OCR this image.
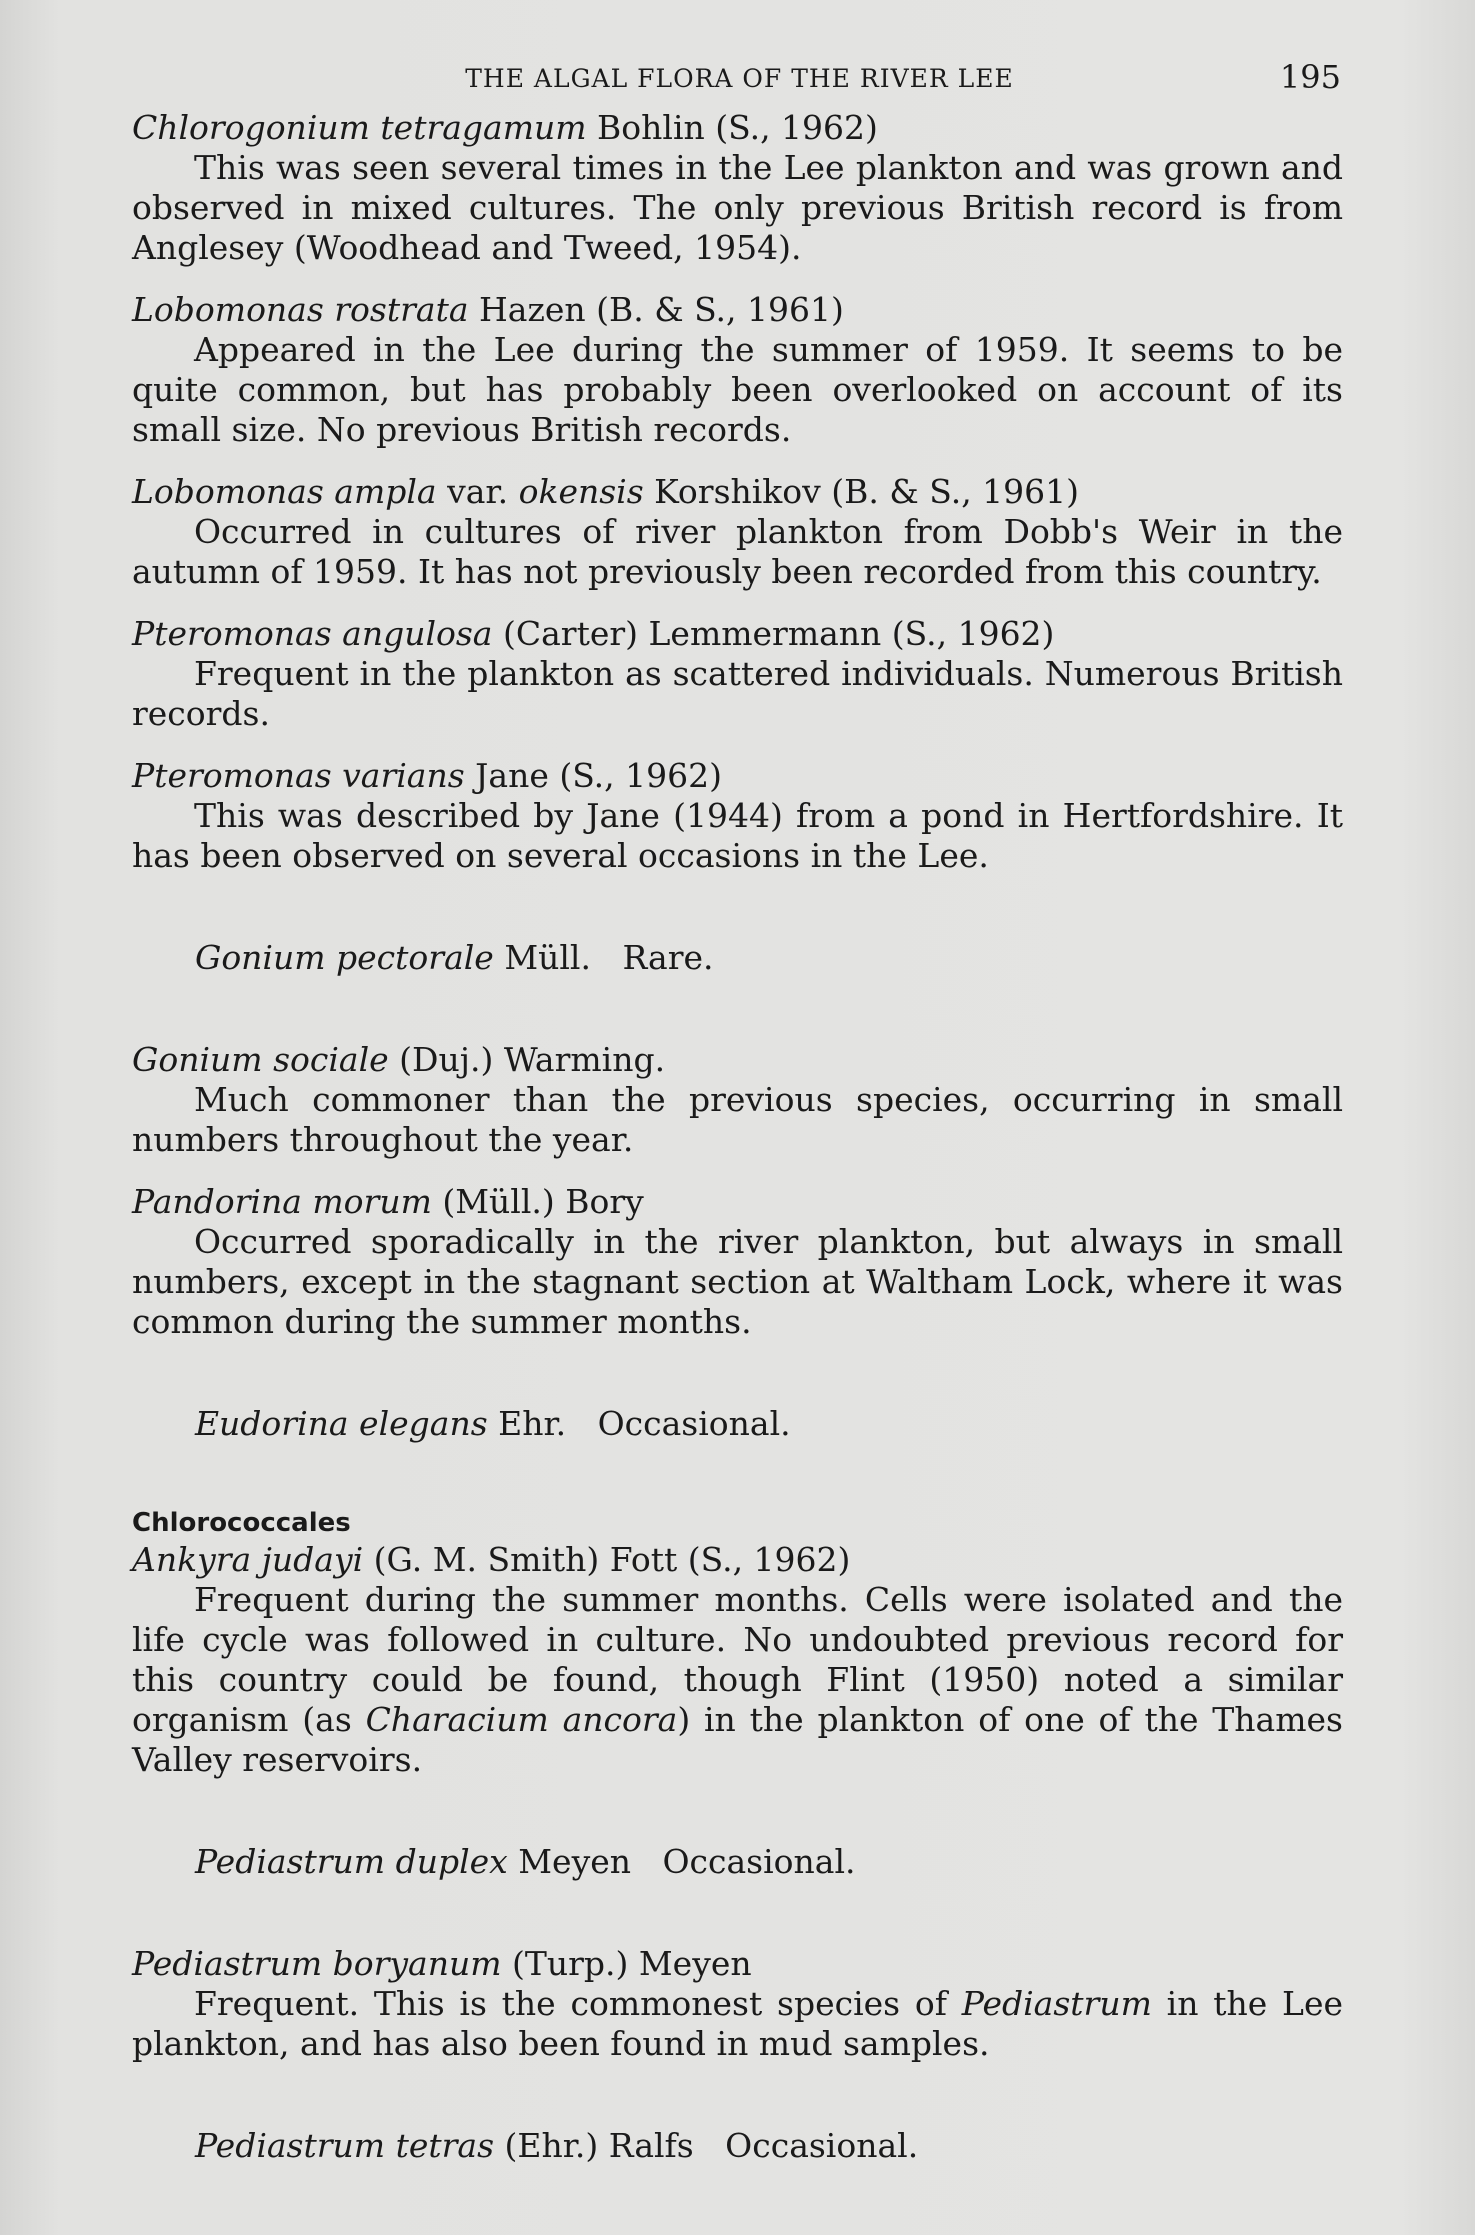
THE ALGAL FLORA OF THE RIVER LEE	195
Chlorogonium tetragamum Bohlin (S., 1962)

This was seen several times in the Lee plankton and was grown and observed in mixed cultures. The only previous British record is from Anglesey (Woodhead and Tweed, 1954).

Lobomonas rostrata Hazen (B. & S., 1961)

Appeared in the Lee during the summer of 1959. It seems to be quite common, but has probably been overlooked on account of its small size. No previous British records.

Lobomonas ampla var. okensis Korshikov (B. & S., 1961)

Occurred in cultures of river plankton from Dobb's Weir in the autumn of 1959. It has not previously been recorded from this country.

Pteromonas angulosa (Carter) Lemmermann (S., 1962)

Frequent in the plankton as scattered individuals. Numerous British records.

Pteromonas varians Jane (S., 1962)

This was described by Jane (1944) from a pond in Hertfordshire. It has been observed on several occasions in the Lee.

Gonium pectorale Müll.   Rare.

Gonium sociale (Duj.) Warming.

Much commoner than the previous species, occurring in small numbers throughout the year.

Pandorina morum (Müll.) Bory

Occurred sporadically in the river plankton, but always in small numbers, except in the stagnant section at Waltham Lock, where it was common during the summer months.

Eudorina elegans Ehr.   Occasional.

Chlorococcales
Ankyra judayi (G. M. Smith) Fott (S., 1962)

Frequent during the summer months. Cells were isolated and the life cycle was followed in culture. No undoubted previous record for this country could be found, though Flint (1950) noted a similar organism (as Characium ancora) in the plankton of one of the Thames Valley reservoirs.

Pediastrum duplex Meyen   Occasional.

Pediastrum boryanum (Turp.) Meyen

Frequent. This is the commonest species of Pediastrum in the Lee plankton, and has also been found in mud samples.

Pediastrum tetras (Ehr.) Ralfs   Occasional.
